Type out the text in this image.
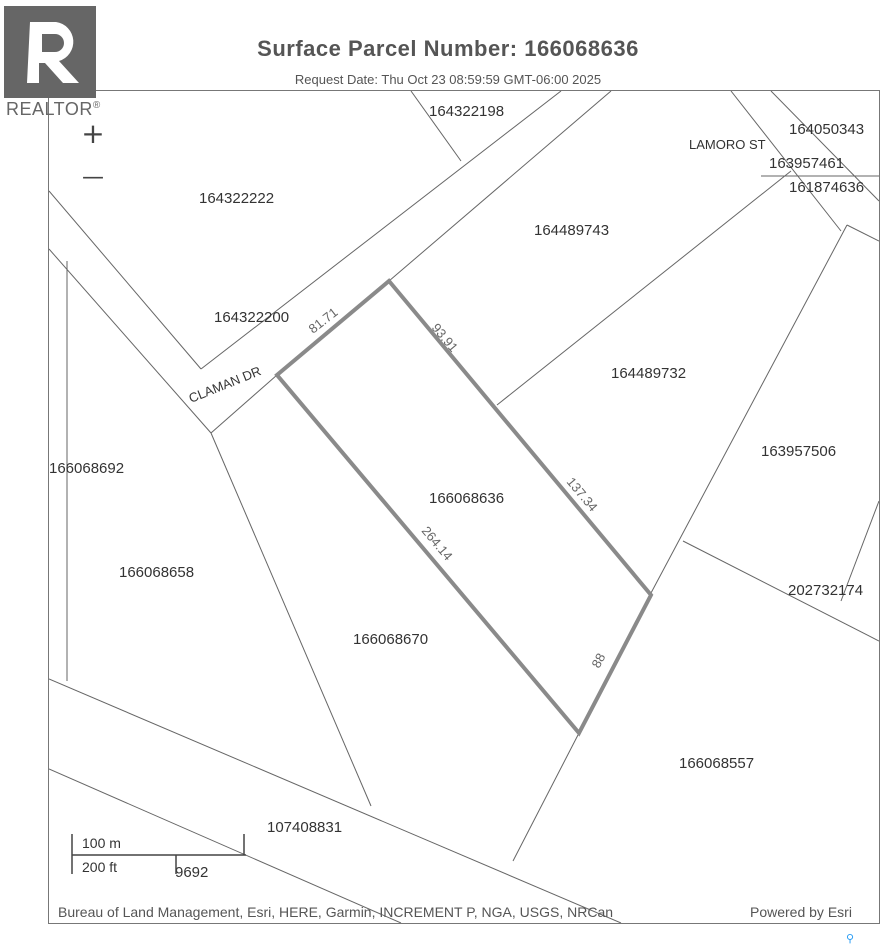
Surface Parcel Number: 166068636
Request Date: Thu Oct 23 08:59:59 GMT-06:00 2025
164322198
164050343
LAMORO ST
163957461
161874636
164322222
164489743
164322200
164489732
CLAMAN DR
166068692
163957506
166068636
166068658
202732174
166068670
166068557
107408831
9692
81.71	93.91
137.34
264.14
88
REALTOR®
+
—
100 m
200 ft
Bureau of Land Management, Esri, HERE, Garmin, INCREMENT P, NGA, USGS, NRCan	Powered by Esri
⚲
